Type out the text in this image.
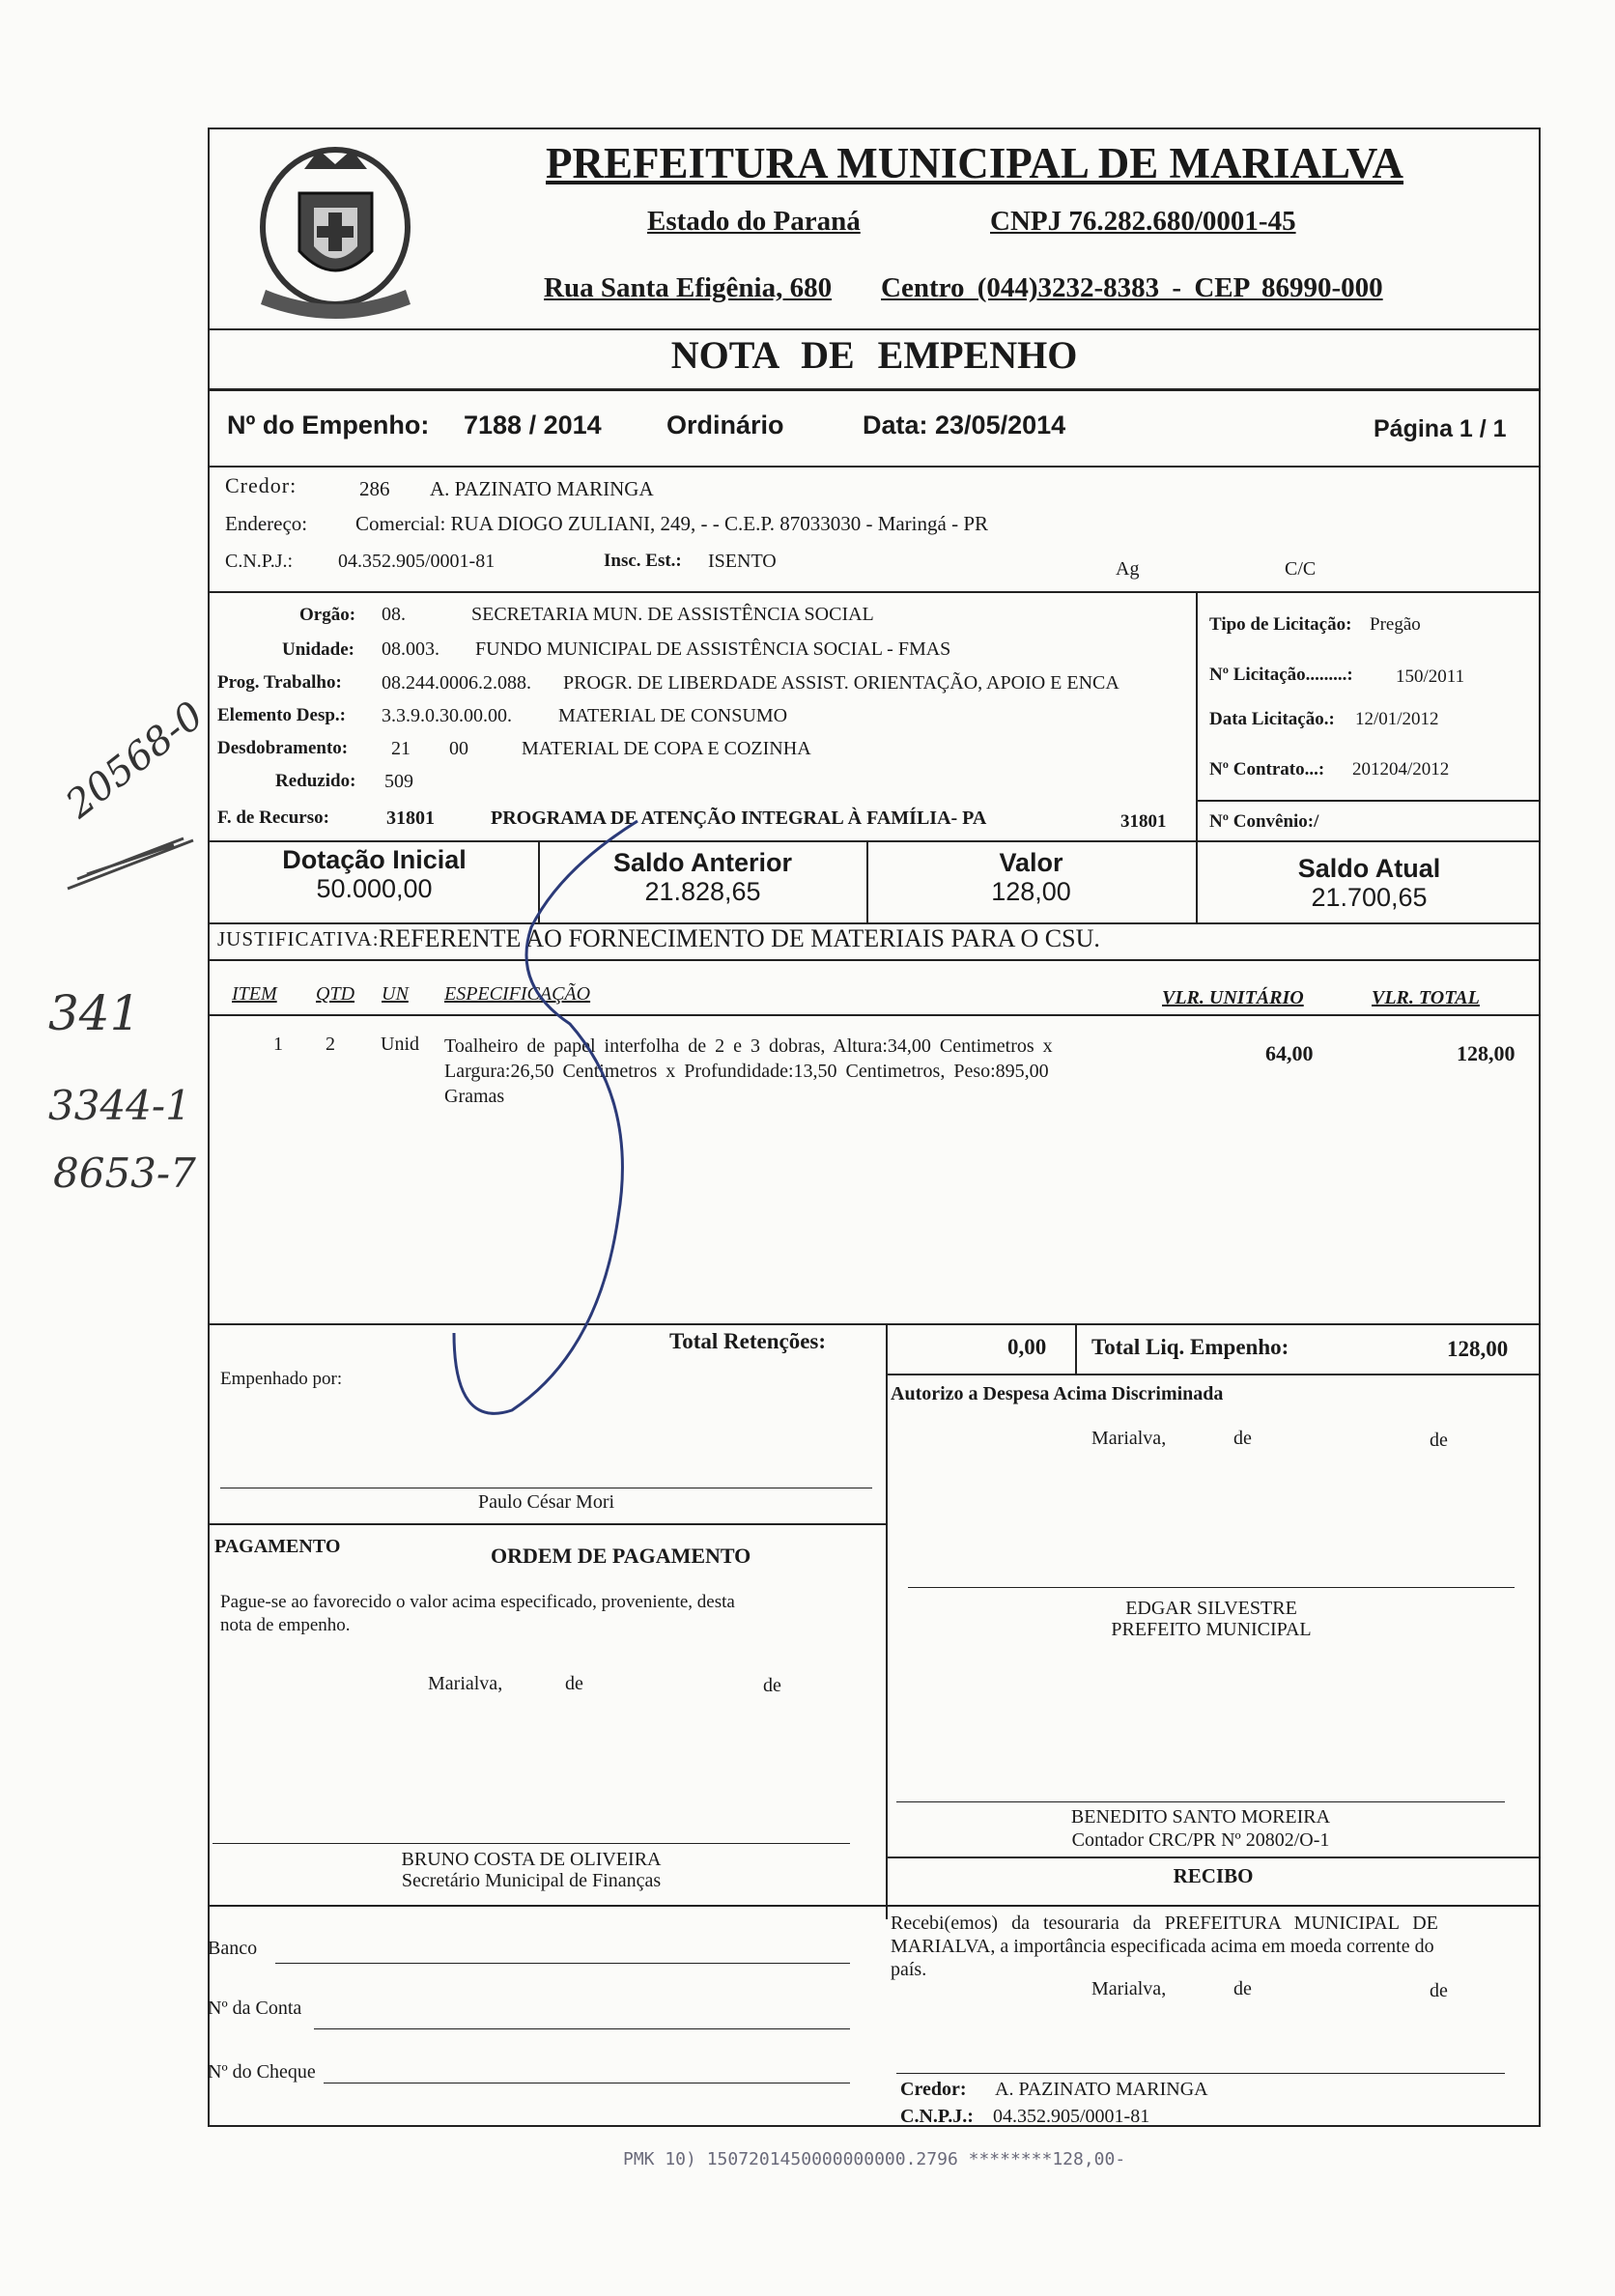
PREFEITURA MUNICIPAL DE MARIALVA
Estado do Paraná	CNPJ 76.282.680/0001-45
Rua Santa Efigênia, 680 Centro (044)3232-8383 - CEP 86990-000
NOTA DE EMPENHO
Nº do Empenho: 7188 / 2014 Ordinário	Data: 23/05/2014	Página 1 / 1
Credor:	286 A. PAZINATO MARINGA
Endereço: Comercial: RUA DIOGO ZULIANI, 249, - - C.E.P. 87033030 - Maringá - PR
C.N.P.J.: 04.352.905/0001-81	Insc. Est.: ISENTO	Ag	C/C
Orgão: 08.	SECRETARIA MUN. DE ASSISTÊNCIA SOCIAL
Unidade: 08.003. FUNDO MUNICIPAL DE ASSISTÊNCIA SOCIAL - FMAS
Prog. Trabalho: 08.244.0006.2.088. PROGR. DE LIBERDADE ASSIST. ORIENTAÇÃO, APOIO E ENCA
Elemento Desp.: 3.3.9.0.30.00.00. MATERIAL DE CONSUMO
Desdobramento: 21 00	MATERIAL DE COPA E COZINHA
Reduzido: 509
F. de Recurso:	31801	PROGRAMA DE ATENÇÃO INTEGRAL À FAMÍLIA- PA	31801
Tipo de Licitação: Pregão
Nº Licitação.........: 150/2011
Data Licitação.: 12/01/2012
Nº Contrato...: 201204/2012
Nº Convênio:/
Dotação Inicial
50.000,00
Saldo Anterior
21.828,65
Valor
128,00
Saldo Atual
21.700,65
JUSTIFICATIVA: REFERENTE AO FORNECIMENTO DE MATERIAIS PARA O CSU.
ITEM QTD UN ESPECIFICAÇÃO	VLR. UNITÁRIO	VLR. TOTAL
1 2 Unid Toalheiro de papel interfolha de 2 e 3 dobras, Altura:34,00 Centimetros x
Largura:26,50 Centimetros x Profundidade:13,50 Centimetros, Peso:895,00
Gramas
64,00	128,00
Total Retenções:	0,00 Total Liq. Empenho:	128,00
Empenhado por:
Paulo César Mori
Autorizo a Despesa Acima Discriminada
Marialva,	de	de
EDGAR SILVESTRE
PREFEITO MUNICIPAL
PAGAMENTO	ORDEM DE PAGAMENTO
Pague-se ao favorecido o valor acima especificado, proveniente, desta
nota de empenho.
Marialva,	de	de
BRUNO COSTA DE OLIVEIRA
Secretário Municipal de Finanças
BENEDITO SANTO MOREIRA
Contador CRC/PR Nº 20802/O-1
RECIBO
Recebi(emos) da tesouraria da PREFEITURA MUNICIPAL DE
MARIALVA, a importância especificada acima em moeda corrente do
país.
Marialva,	de	de
Credor: A. PAZINATO MARINGA
C.N.P.J.: 04.352.905/0001-81
Banco
Nº da Conta
Nº do Cheque
PMK 10) 1507201450000000000.2796 ********128,00-
20568-0
341
3344-1
8653-7
